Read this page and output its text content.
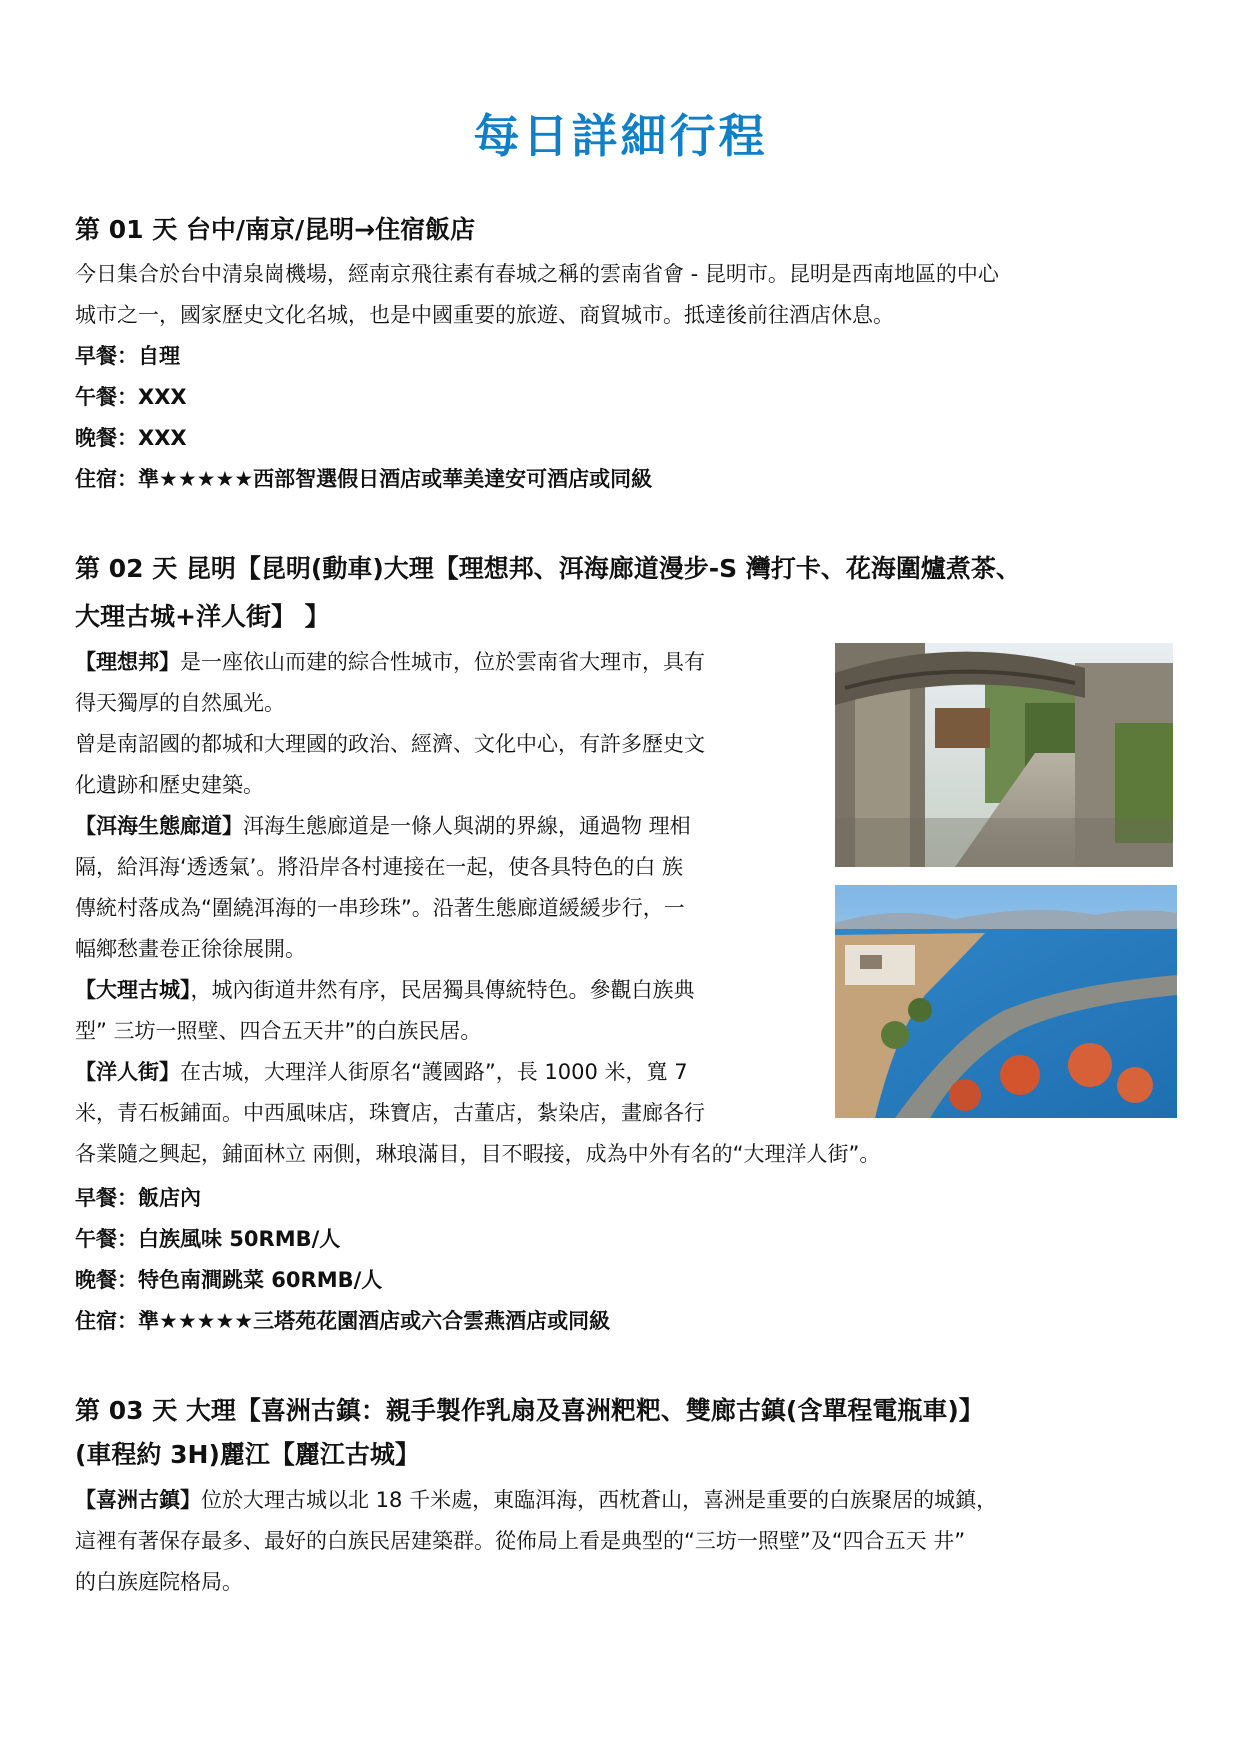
每日詳細行程
第 01 天 台中/南京/昆明→住宿飯店
今日集合於台中清泉崗機場，經南京飛往素有春城之稱的雲南省會 - 昆明市。昆明是西南地區的中心
城市之一，國家歷史文化名城，也是中國重要的旅遊、商貿城市。抵達後前往酒店休息。
早餐：自理
午餐：XXX
晚餐：XXX
住宿：準★★★★★西部智選假日酒店或華美達安可酒店或同級
第 02 天 昆明【昆明(動車)大理【理想邦、洱海廊道漫步-S 灣打卡、花海圍爐煮茶、
大理古城+洋人街】 】
【理想邦】是一座依山而建的綜合性城市，位於雲南省大理市，具有
得天獨厚的自然風光。
曾是南詔國的都城和大理國的政治、經濟、文化中心，有許多歷史文
化遺跡和歷史建築。
【洱海生態廊道】洱海生態廊道是一條人與湖的界線，通過物 理相
隔，給洱海‘透透氣’。將沿岸各村連接在一起，使各具特色的白 族
傳統村落成為“圍繞洱海的一串珍珠”。沿著生態廊道緩緩步行，一
幅鄉愁畫卷正徐徐展開。
【大理古城】，城內街道井然有序，民居獨具傳統特色。參觀白族典
型” 三坊一照壁、四合五天井”的白族民居。
【洋人街】在古城，大理洋人街原名“護國路”，長 1000 米，寬 7
米，青石板鋪面。中西風味店，珠寶店，古董店，紮染店，畫廊各行
各業隨之興起，鋪面林立 兩側，琳琅滿目，目不暇接，成為中外有名的“大理洋人街”。
早餐：飯店內
午餐：白族風味 50RMB/人
晚餐：特色南澗跳菜 60RMB/人
住宿：準★★★★★三塔苑花園酒店或六合雲燕酒店或同級
第 03 天 大理【喜洲古鎮：親手製作乳扇及喜洲粑粑、雙廊古鎮(含單程電瓶車)】
(車程約 3H)麗江【麗江古城】
【喜洲古鎮】位於大理古城以北 18 千米處，東臨洱海，西枕蒼山，喜洲是重要的白族聚居的城鎮，
這裡有著保存最多、最好的白族民居建築群。從佈局上看是典型的“三坊一照壁”及“四合五天 井”
的白族庭院格局。
